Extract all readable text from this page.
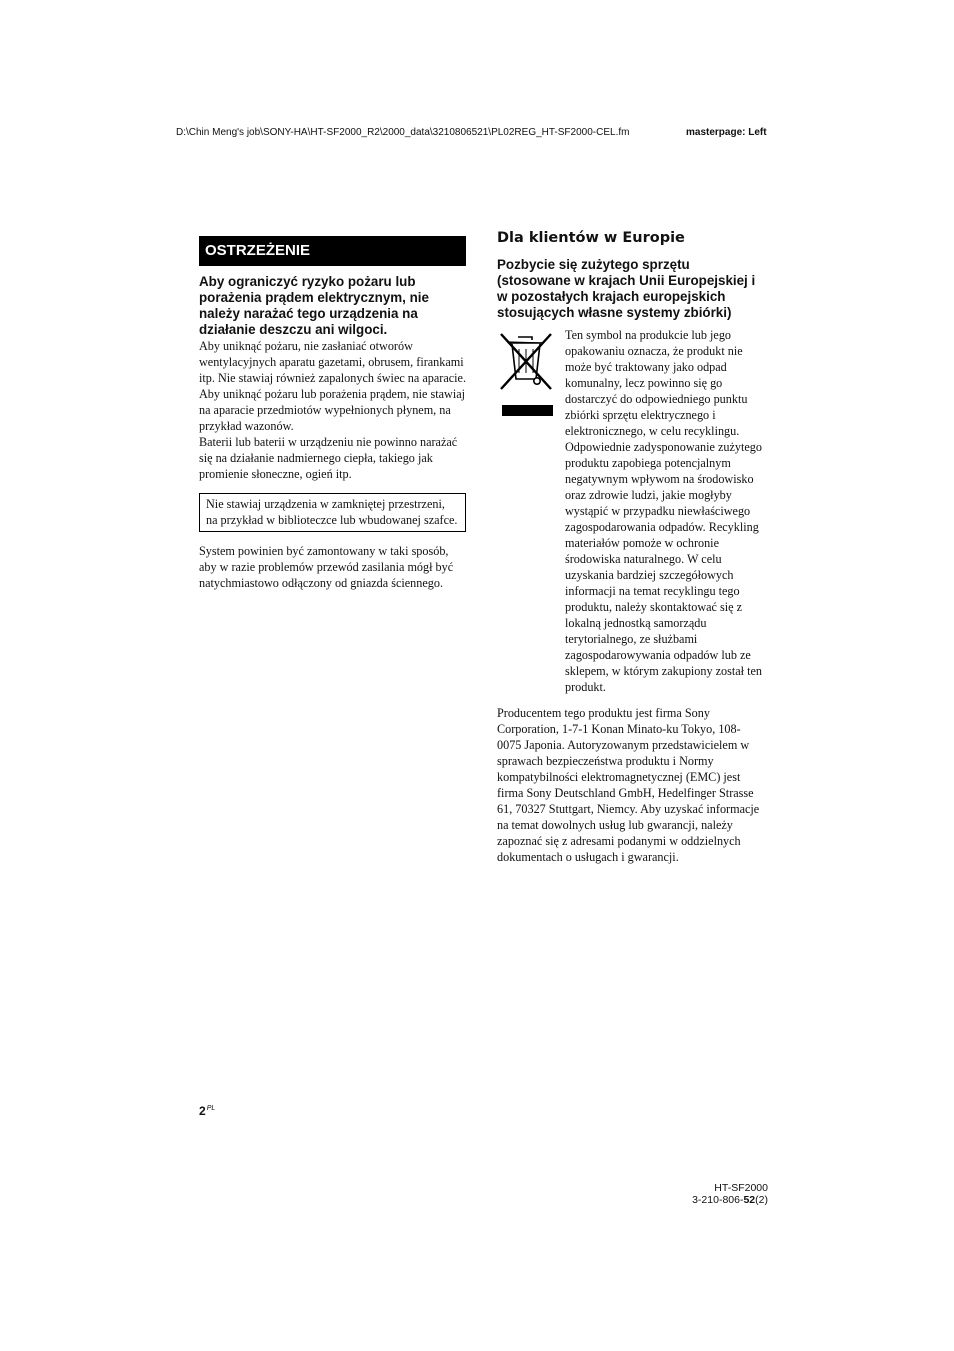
D:\Chin Meng's job\SONY-HA\HT-SF2000_R2\2000_data\3210806521\PL02REG_HT-SF2000-CEL.fm	masterpage: Left
OSTRZEŻENIE
Aby ograniczyć ryzyko pożaru lub porażenia prądem elektrycznym, nie należy narażać tego urządzenia na działanie deszczu ani wilgoci.

Aby uniknąć pożaru, nie zasłaniać otworów wentylacyjnych aparatu gazetami, obrusem, firankami itp. Nie stawiaj również zapalonych świec na aparacie.

Aby uniknąć pożaru lub porażenia prądem, nie stawiaj na aparacie przedmiotów wypełnionych płynem, na przykład wazonów.

Baterii lub baterii w urządzeniu nie powinno narażać się na działanie nadmiernego ciepła, takiego jak promienie słoneczne, ogień itp.

Nie stawiaj urządzenia w zamkniętej przestrzeni, na przykład w biblioteczce lub wbudowanej szafce.
System powinien być zamontowany w taki sposób, aby w razie problemów przewód zasilania mógł być natychmiastowo odłączony od gniazda ściennego.
Dla klientów w Europie
Pozbycie się zużytego sprzętu (stosowane w krajach Unii Europejskiej i w pozostałych krajach europejskich stosujących własne systemy zbiórki)
Ten symbol na produkcie lub jego opakowaniu oznacza, że produkt nie może być traktowany jako odpad komunalny, lecz powinno się go dostarczyć do odpowiedniego punktu zbiórki sprzętu elektrycznego i elektronicznego, w celu recyklingu. Odpowiednie zadysponowanie zużytego produktu zapobiega potencjalnym negatywnym wpływom na środowisko oraz zdrowie ludzi, jakie mogłyby wystąpić w przypadku niewłaściwego zagospodarowania odpadów. Recykling materiałów pomoże w ochronie środowiska naturalnego. W celu uzyskania bardziej szczegółowych informacji na temat recyklingu tego produktu, należy skontaktować się z lokalną jednostką samorządu terytorialnego, ze służbami zagospodarowywania odpadów lub ze sklepem, w którym zakupiony został ten produkt.
Producentem tego produktu jest firma Sony Corporation, 1-7-1 Konan Minato-ku Tokyo, 108-0075 Japonia. Autoryzowanym przedstawicielem w sprawach bezpieczeństwa produktu i Normy kompatybilności elektromagnetycznej (EMC) jest firma Sony Deutschland GmbH, Hedelfinger Strasse 61, 70327 Stuttgart, Niemcy. Aby uzyskać informacje na temat dowolnych usług lub gwarancji, należy zapoznać się z adresami podanymi w oddzielnych dokumentach o usługach i gwarancji.
$2^{PL}$
HT-SF2000
3-210-806-52(2)
